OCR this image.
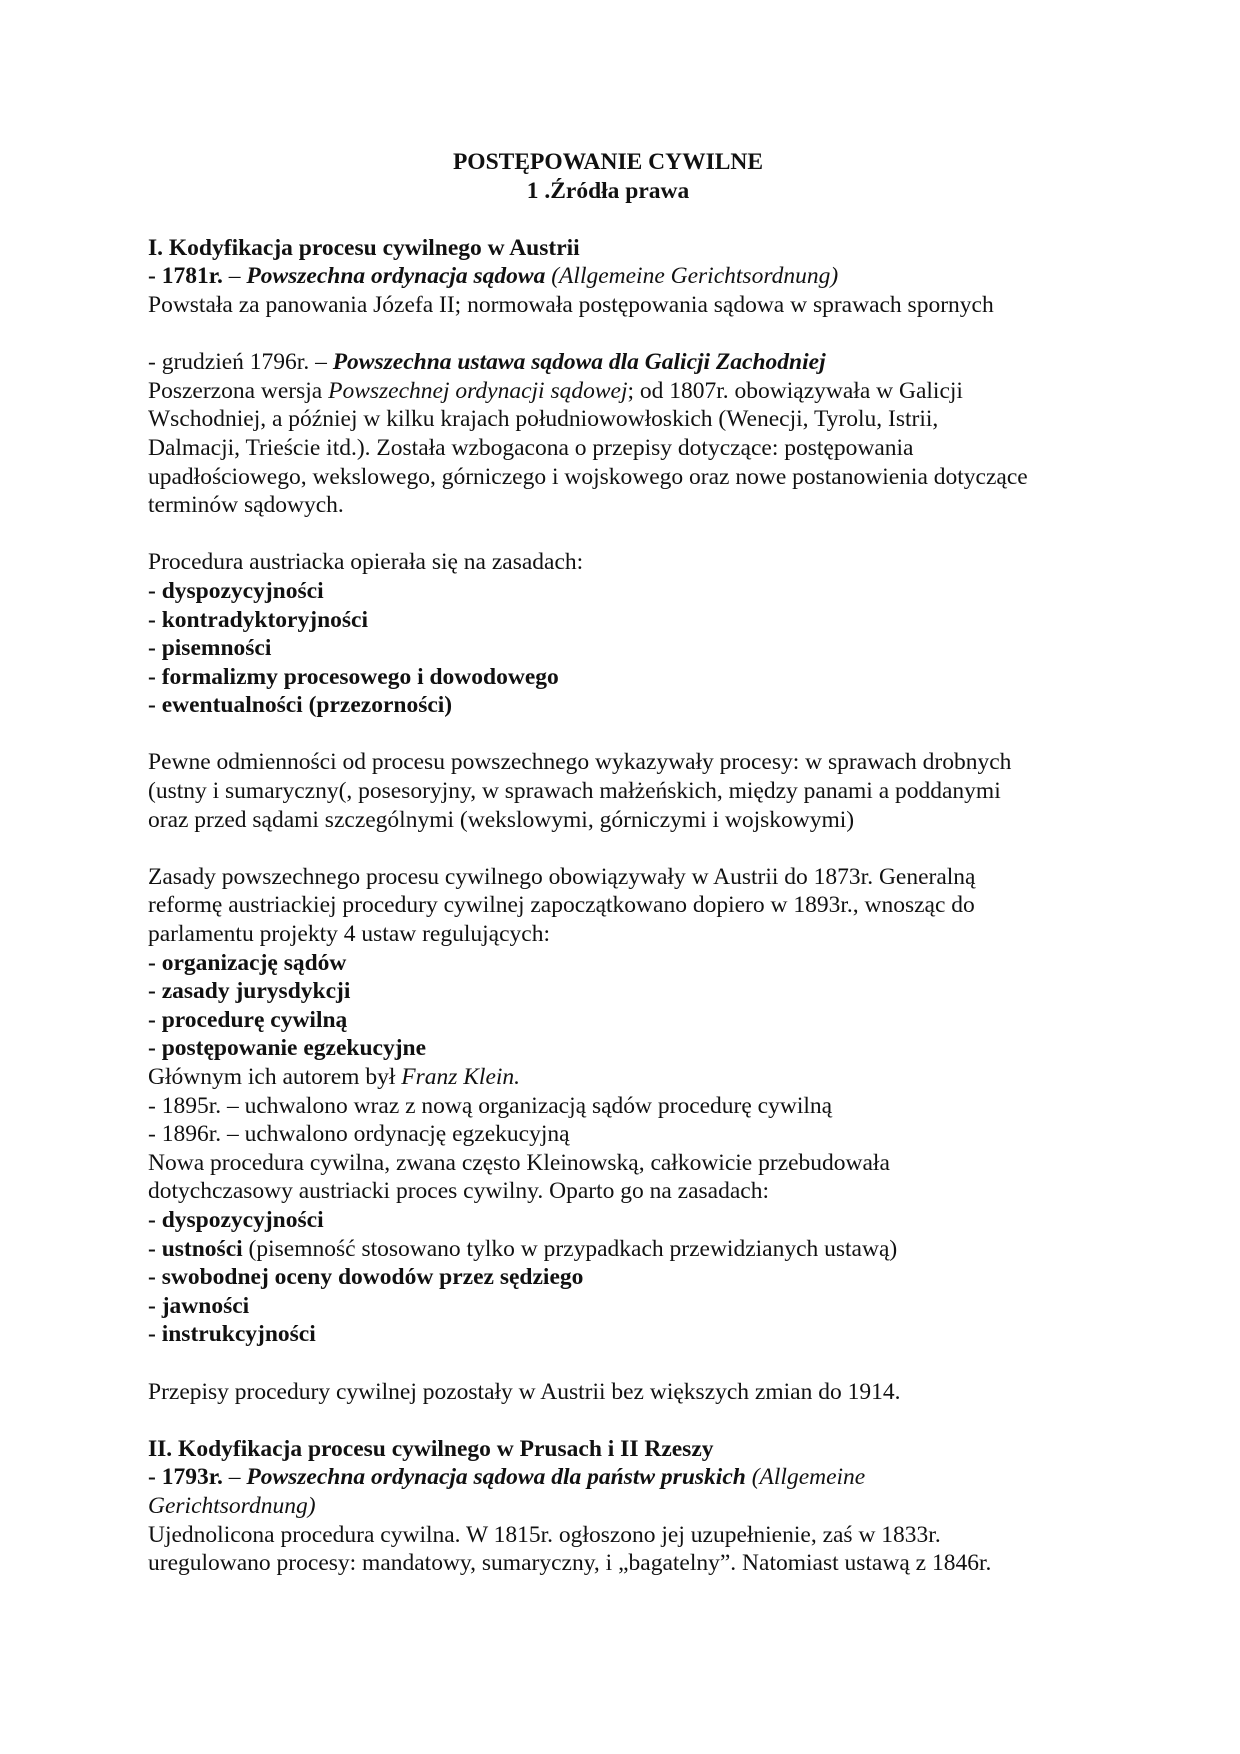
POSTĘPOWANIE CYWILNE

1 .Źródła prawa

I. Kodyfikacja procesu cywilnego w Austrii

- 1781r. – Powszechna ordynacja sądowa (Allgemeine Gerichtsordnung)

Powstała za panowania Józefa II; normowała postępowania sądowa w sprawach spornych

- grudzień 1796r. – Powszechna ustawa sądowa dla Galicji Zachodniej

Poszerzona wersja Powszechnej ordynacji sądowej; od 1807r. obowiązywała w Galicji

Wschodniej, a później w kilku krajach południowowłoskich (Wenecji, Tyrolu, Istrii,

Dalmacji, Trieście itd.). Została wzbogacona o przepisy dotyczące: postępowania

upadłościowego, wekslowego, górniczego i wojskowego oraz nowe postanowienia dotyczące

terminów sądowych.

Procedura austriacka opierała się na zasadach:

- dyspozycyjności

- kontradyktoryjności

- pisemności

- formalizmy procesowego i dowodowego

- ewentualności (przezorności)

Pewne odmienności od procesu powszechnego wykazywały procesy: w sprawach drobnych

(ustny i sumaryczny(, posesoryjny, w sprawach małżeńskich, między panami a poddanymi

oraz przed sądami szczególnymi (wekslowymi, górniczymi i wojskowymi)

Zasady powszechnego procesu cywilnego obowiązywały w Austrii do 1873r. Generalną

reformę austriackiej procedury cywilnej zapoczątkowano dopiero w 1893r., wnosząc do

parlamentu projekty 4 ustaw regulujących:

- organizację sądów

- zasady jurysdykcji

- procedurę cywilną

- postępowanie egzekucyjne

Głównym ich autorem był Franz Klein.

- 1895r. – uchwalono wraz z nową organizacją sądów procedurę cywilną

- 1896r. – uchwalono ordynację egzekucyjną

Nowa procedura cywilna, zwana często Kleinowską, całkowicie przebudowała

dotychczasowy austriacki proces cywilny. Oparto go na zasadach:

- dyspozycyjności

- ustności (pisemność stosowano tylko w przypadkach przewidzianych ustawą)

- swobodnej oceny dowodów przez sędziego

- jawności

- instrukcyjności

Przepisy procedury cywilnej pozostały w Austrii bez większych zmian do 1914.

II. Kodyfikacja procesu cywilnego w Prusach i II Rzeszy

- 1793r. – Powszechna ordynacja sądowa dla państw pruskich (Allgemeine

Gerichtsordnung)

Ujednolicona procedura cywilna. W 1815r. ogłoszono jej uzupełnienie, zaś w 1833r.

uregulowano procesy: mandatowy, sumaryczny, i „bagatelny”. Natomiast ustawą z 1846r.
